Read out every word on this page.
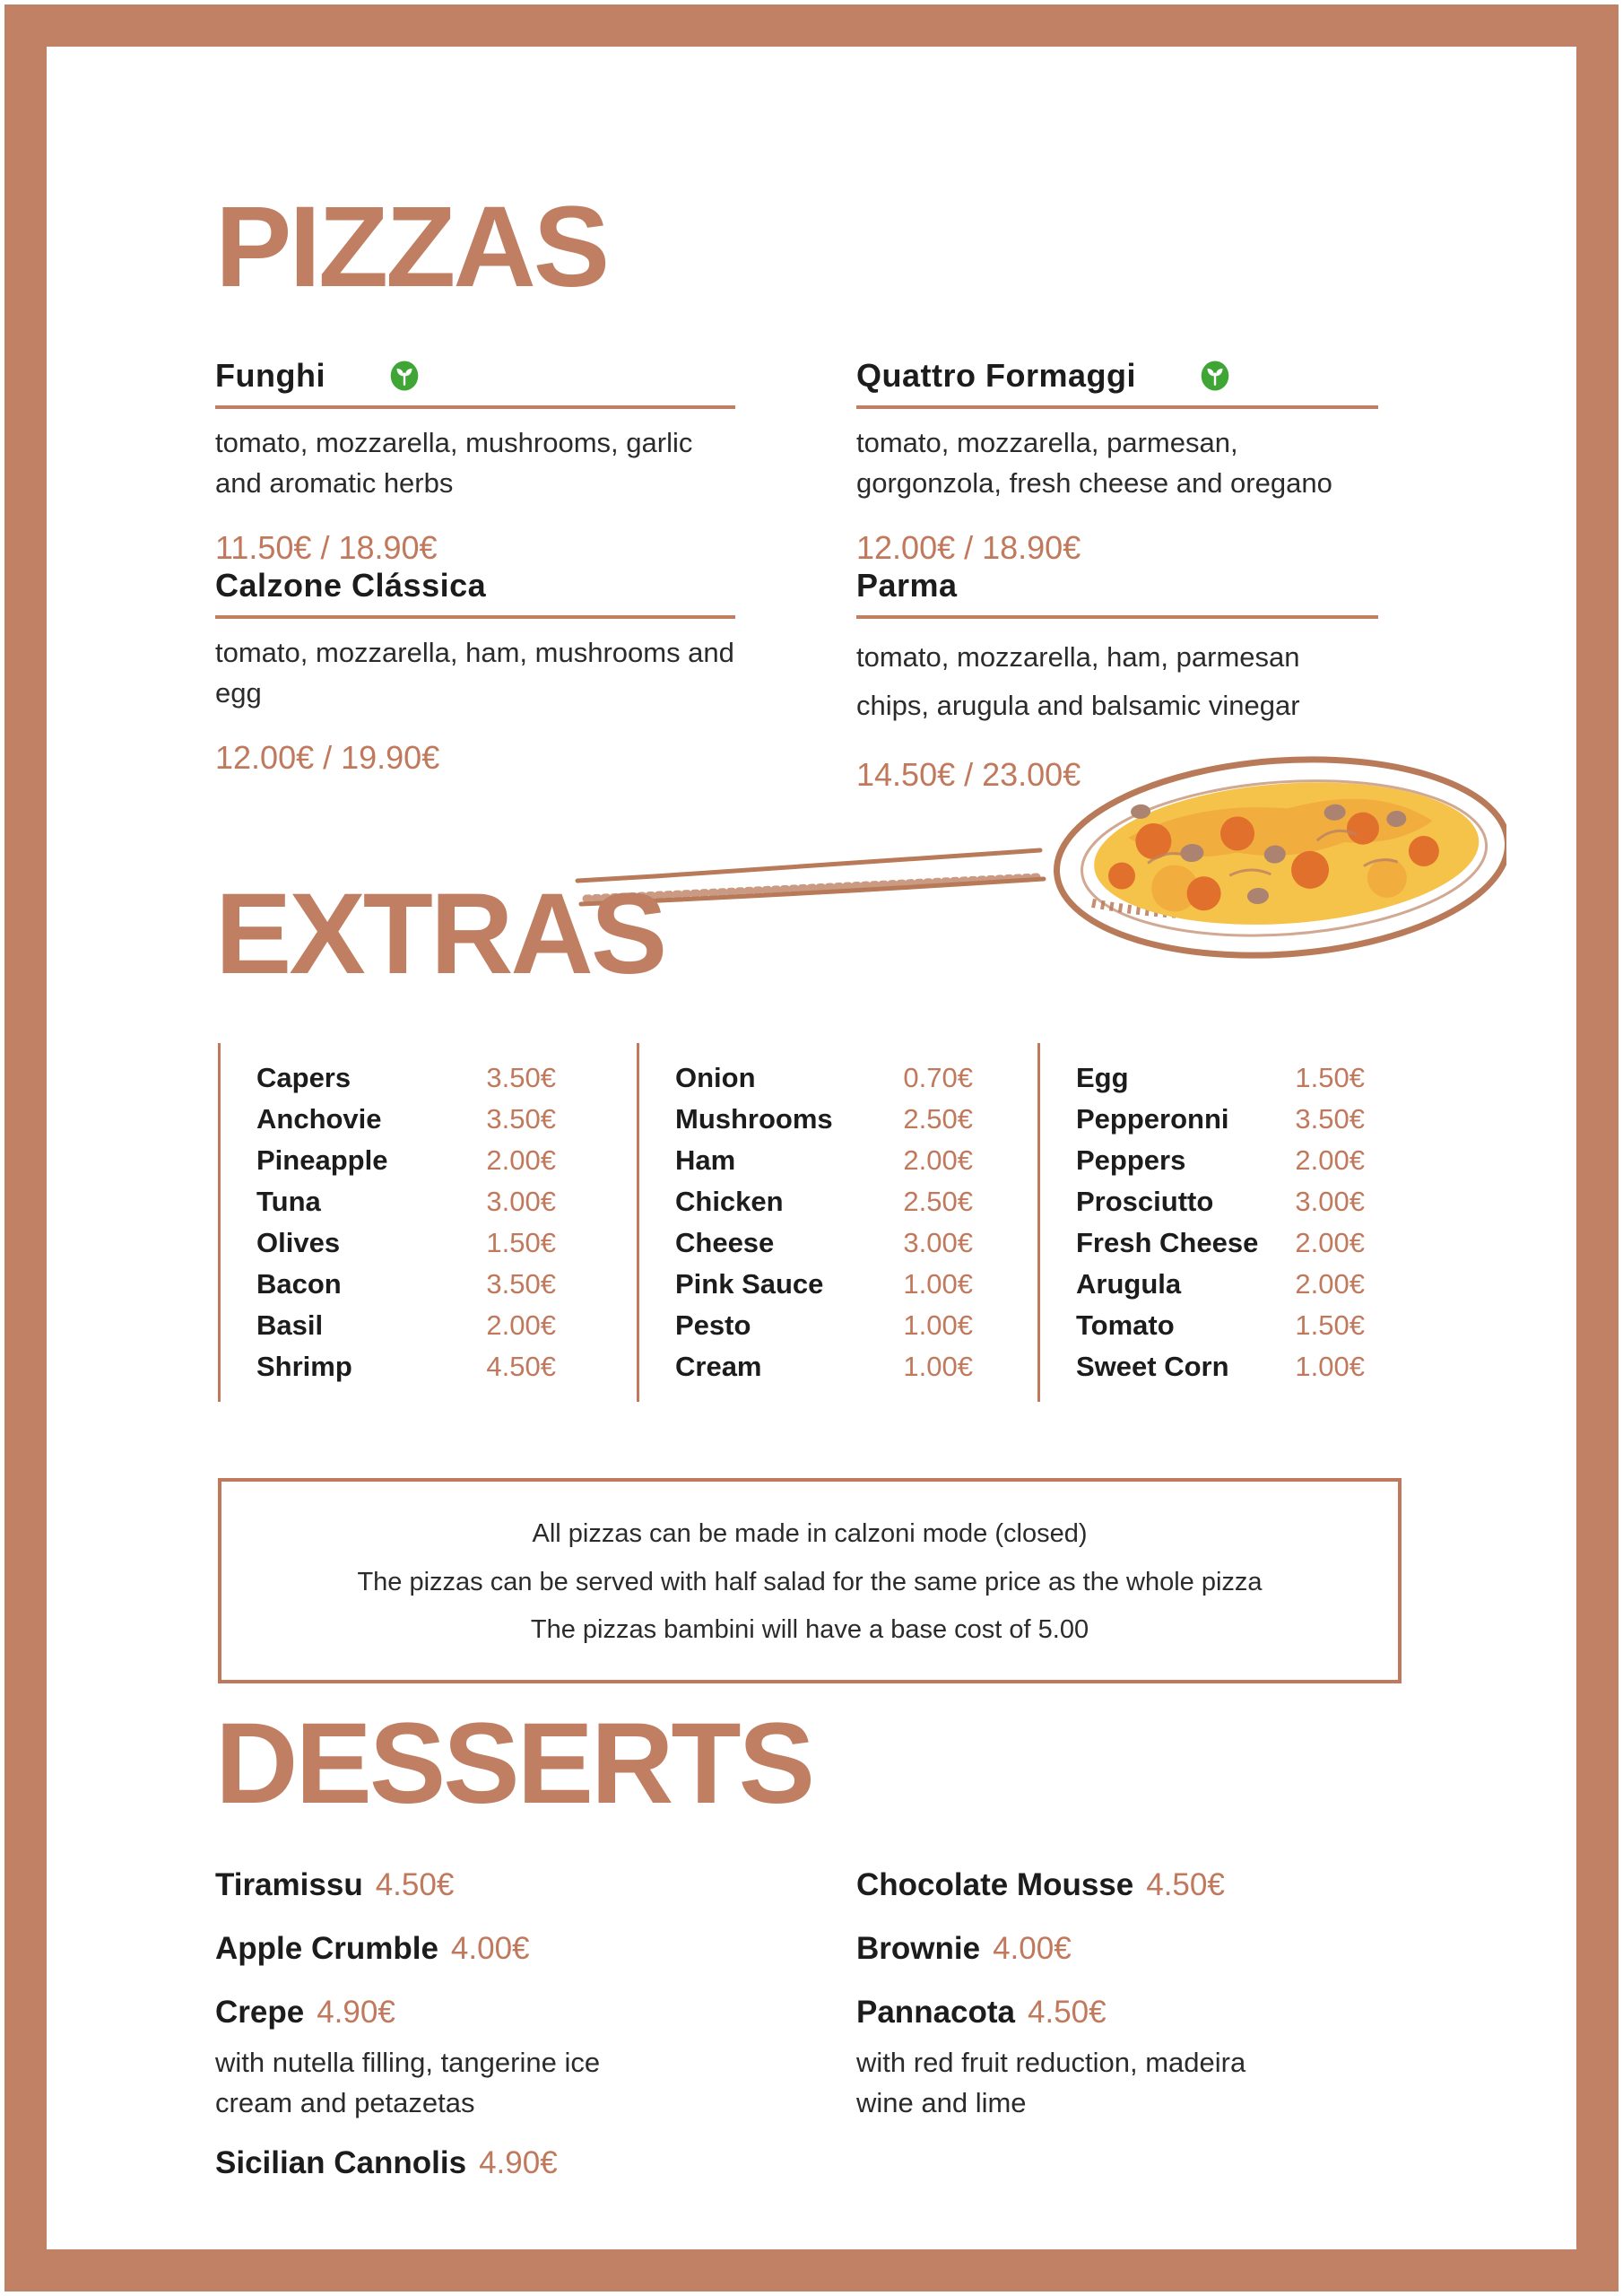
PIZZAS
Funghi

tomato, mozzarella, mushrooms, garlic and aromatic herbs

11.50€ / 18.90€
Quattro Formaggi

tomato, mozzarella, parmesan, gorgonzola, fresh cheese and oregano

12.00€ / 18.90€
Calzone Clássica

tomato, mozzarella, ham, mushrooms and egg

12.00€ / 19.90€
Parma

tomato, mozzarella, ham, parmesan chips, arugula and balsamic vinegar

14.50€ / 23.00€
EXTRAS
Capers	3.50€
Anchovie	3.50€
Pineapple	2.00€
Tuna	3.00€
Olives	1.50€
Bacon	3.50€
Basil	2.00€
Shrimp	4.50€
Onion	0.70€
Mushrooms	2.50€
Ham	2.00€
Chicken	2.50€
Cheese	3.00€
Pink Sauce	1.00€
Pesto	1.00€
Cream	1.00€
Egg	1.50€
Pepperonni 3.50€
Peppers	2.00€
Prosciutto	3.00€
Fresh Cheese 2.00€
Arugula	2.00€
Tomato	1.50€
Sweet Corn 1.00€

All pizzas can be made in calzoni mode (closed)

The pizzas can be served with half salad for the same price as the whole pizza

The pizzas bambini will have a base cost of 5.00

DESSERTS
Tiramissu 4.50€
Apple Crumble 4.00€
Crepe 4.90€

with nutella filling, tangerine ice cream and petazetas

Sicilian Cannolis 4.90€
Chocolate Mousse 4.50€
Brownie 4.00€
Pannacota 4.50€

with red fruit reduction, madeira wine and lime
